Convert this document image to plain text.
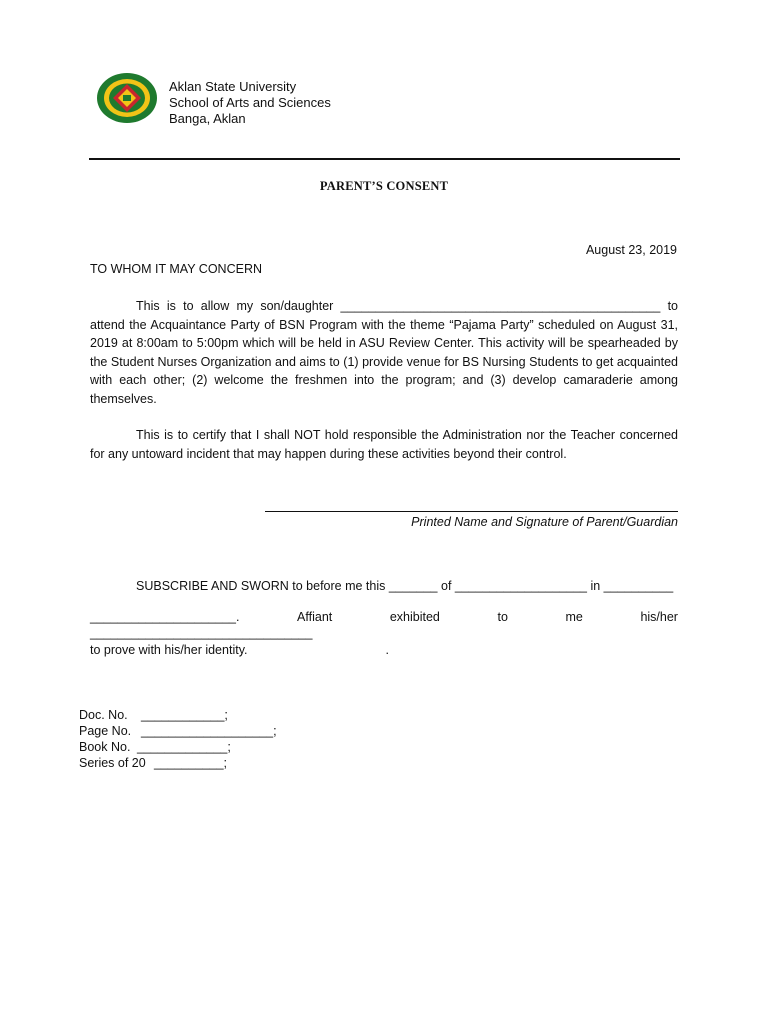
Aklan State University
School of Arts and Sciences
Banga, Aklan
PARENT’S CONSENT
August 23, 2019
TO WHOM IT MAY CONCERN
This is to allow my son/daughter ______________________________________________ to attend the Acquaintance Party of BSN Program with the theme “Pajama Party” scheduled on August 31, 2019 at 8:00am to 5:00pm which will be held in ASU Review Center. This activity will be spearheaded by the Student Nurses Organization and aims to (1) provide venue for BS Nursing Students to get acquainted with each other; (2) welcome the freshmen into the program; and (3) develop camaraderie among themselves.
This is to certify that I shall NOT hold responsible the Administration nor the Teacher concerned for any untoward incident that may happen during these activities beyond their control.
Printed Name and Signature of Parent/Guardian
SUBSCRIBE AND SWORN to before me this _______ of ___________________ in __________
_____________________.	Affiant	exhibited	to	me	his/her
________________________________
to prove with his/her identity.	.
Doc. No.	____________;
Page No. ___________________;
Book No. _____________;
Series of 20 __________;
